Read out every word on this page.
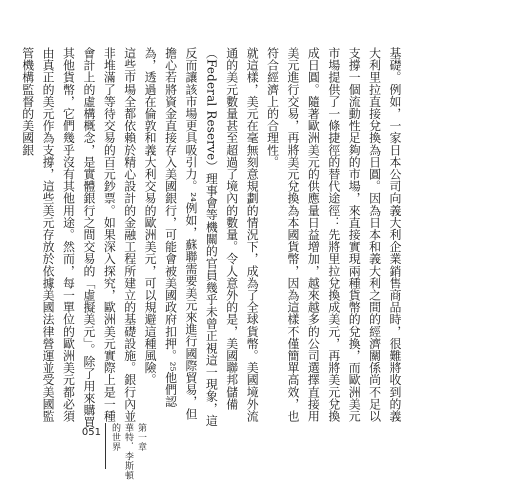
基礎。例如，一家日本公司向義大利企業銷售商品時，很難將收到的義大利里拉直接兌換為日圓。因為日本和義大利之間的經濟關係尚不足以支撐一個流動性足夠的市場，來直接實現兩種貨幣的兌換，而歐洲美元市場提供了一條捷徑的替代途徑：先將里拉兌換成美元，再將美元兌換成日圓。隨著歐洲美元的供應量日益增加，越來越多的公司選擇直接用美元進行交易，再將美元兌換為本國貨幣，因為這樣不僅簡單高效，也符合經濟上的合理性。

就這樣，美元在毫無刻意規劃的情況下，成為了全球貨幣。美國境外流通的美元數量甚至超過了境內的數量。令人意外的是，美國聯邦儲備（Federal Reserve）理事會等機關的官員幾乎未曾正視這一現象，這反而讓該市場更具吸引力。²⁴例如，蘇聯需要美元來進行國際貿易，但擔心若將資金直接存入美國銀行，可能會被美國政府扣押。²⁵他們認為，透過在倫敦和義大利交易的歐洲美元，可以規避這種風險。

這些市場全都依賴於精心設計的金融工程所建立的基礎設施。銀行內並非堆滿了等待交易的百元鈔票。如果深入探究，歐洲美元實際上是一種會計上的虛構概念，是實體銀行之間交易的「虛擬美元」。除了用來購買其他貨幣，它們幾乎沒有其他用途。然而，每一單位的歐洲美元都必須由真正的美元作為支撐，這些美元存放於依據美國法律營運並受美國監管機構監督的美國銀

051	第一章
華特．李斯頓
的世界
